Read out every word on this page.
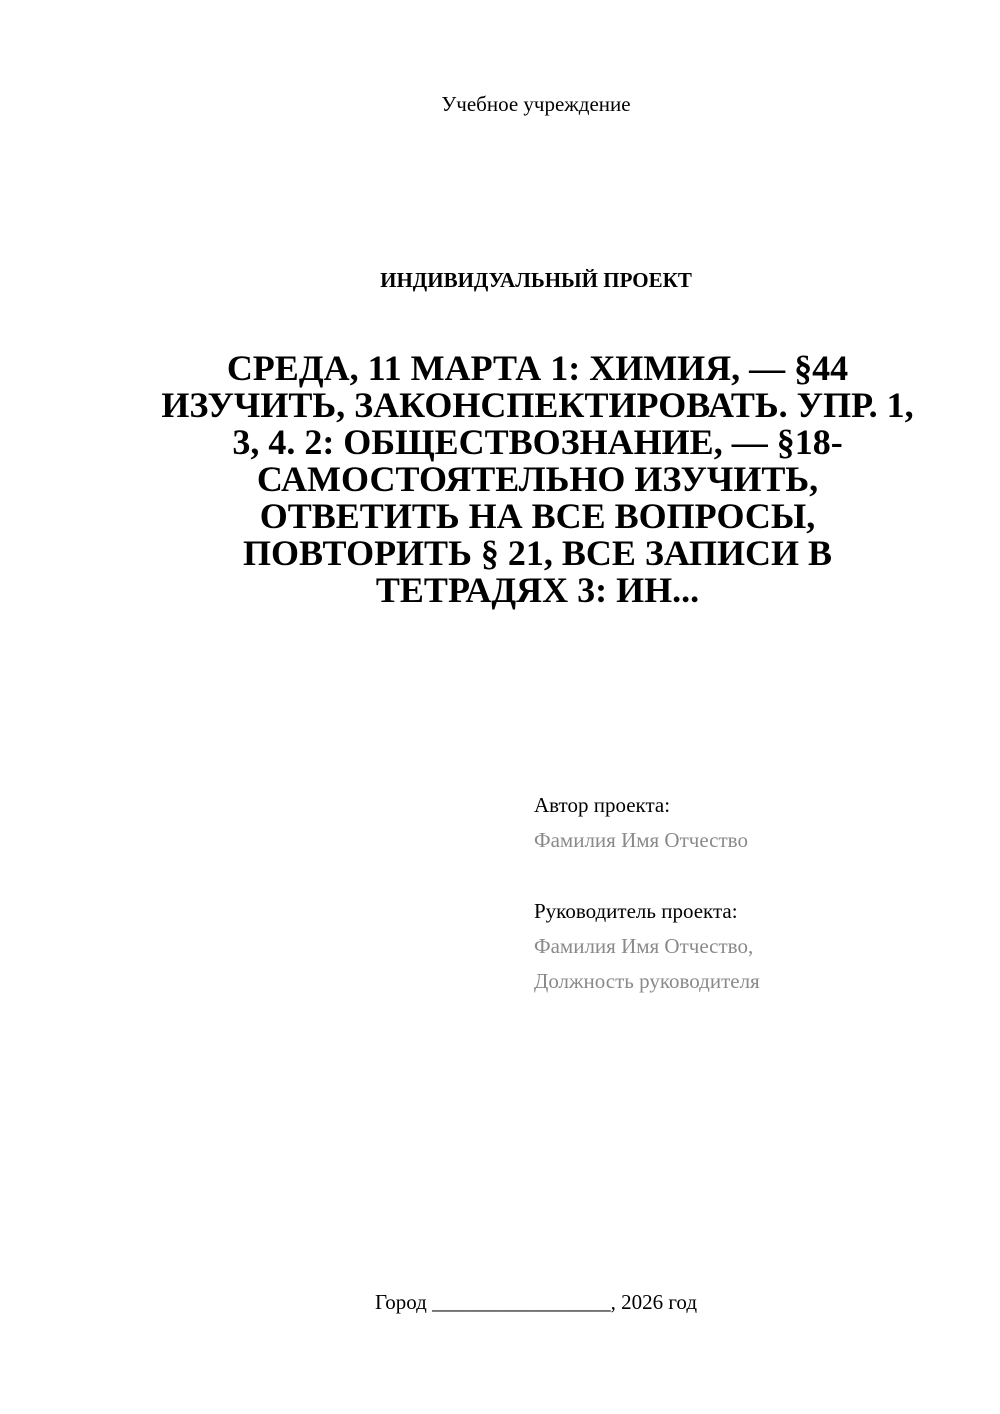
Учебное учреждение
ИНДИВИДУАЛЬНЫЙ ПРОЕКТ
СРЕДА, 11 МАРТА 1: ХИМИЯ, — §44 ИЗУЧИТЬ, ЗАКОНСПЕКТИРОВАТЬ. УПР. 1, 3, 4. 2: ОБЩЕСТВОЗНАНИЕ, — §18-САМОСТОЯТЕЛЬНО ИЗУЧИТЬ, ОТВЕТИТЬ НА ВСЕ ВОПРОСЫ, ПОВТОРИТЬ § 21, ВСЕ ЗАПИСИ В ТЕТРАДЯХ 3: ИН...
Автор проекта:
Фамилия Имя Отчество
Руководитель проекта:
Фамилия Имя Отчество,
Должность руководителя
Город _________________, 2026 год
